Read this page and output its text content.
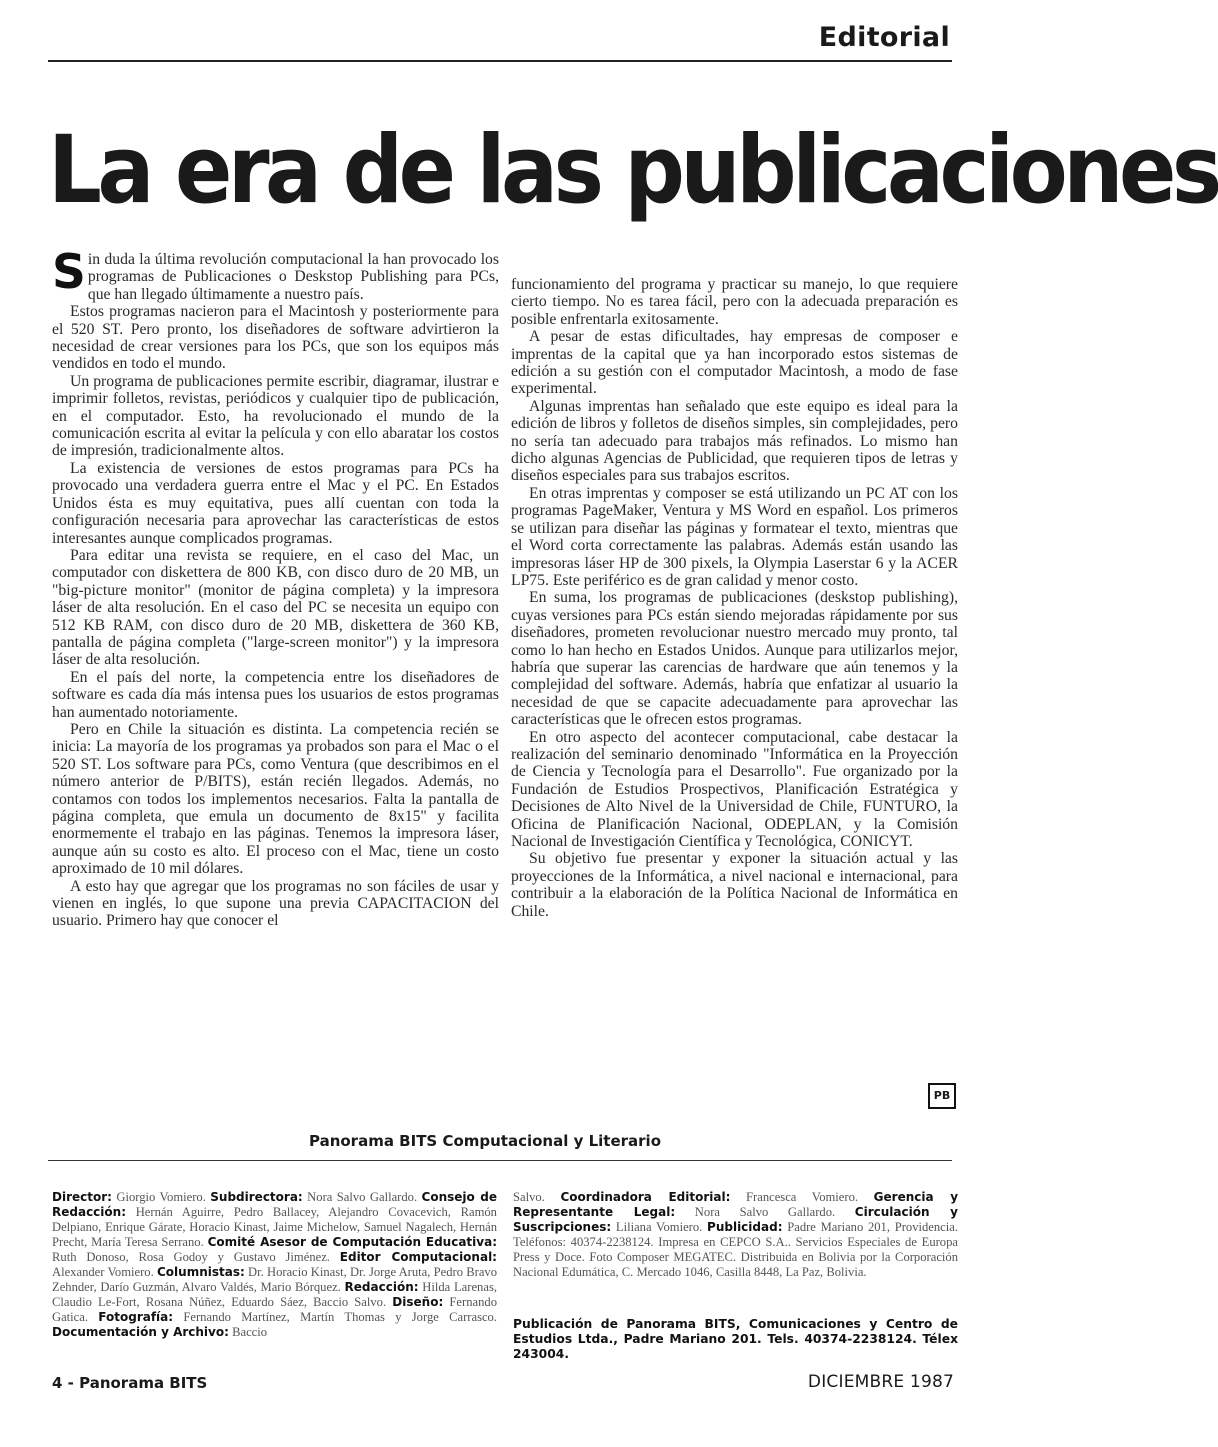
Editorial
La era de las publicaciones

Sin duda la última revolución computacional la han provocado los programas de Publicaciones o Deskstop Publishing para PCs, que han llegado últimamente a nuestro país.

Estos programas nacieron para el Macintosh y posteriormente para el 520 ST. Pero pronto, los diseñadores de software advirtieron la necesidad de crear versiones para los PCs, que son los equipos más vendidos en todo el mundo.

Un programa de publicaciones permite escribir, diagramar, ilustrar e imprimir folletos, revistas, periódicos y cualquier tipo de publicación, en el computador. Esto, ha revolucionado el mundo de la comunicación escrita al evitar la película y con ello abaratar los costos de impresión, tradicionalmente altos.

La existencia de versiones de estos programas para PCs ha provocado una verdadera guerra entre el Mac y el PC. En Estados Unidos ésta es muy equitativa, pues allí cuentan con toda la configuración necesaria para aprovechar las características de estos interesantes aunque complicados programas.

Para editar una revista se requiere, en el caso del Mac, un computador con diskettera de 800 KB, con disco duro de 20 MB, un "big-picture monitor" (monitor de página completa) y la impresora láser de alta resolución. En el caso del PC se necesita un equipo con 512 KB RAM, con disco duro de 20 MB, diskettera de 360 KB, pantalla de página completa ("large-screen monitor") y la impresora láser de alta resolución.

En el país del norte, la competencia entre los diseñadores de software es cada día más intensa pues los usuarios de estos programas han aumentado notoriamente.

Pero en Chile la situación es distinta. La competencia recién se inicia: La mayoría de los programas ya probados son para el Mac o el 520 ST. Los software para PCs, como Ventura (que describimos en el número anterior de P/BITS), están recién llegados. Además, no contamos con todos los implementos necesarios. Falta la pantalla de página completa, que emula un documento de 8x15" y facilita enormemente el trabajo en las páginas. Tenemos la impresora láser, aunque aún su costo es alto. El proceso con el Mac, tiene un costo aproximado de 10 mil dólares.

A esto hay que agregar que los programas no son fáciles de usar y vienen en inglés, lo que supone una previa CAPACITACION del usuario. Primero hay que conocer el

funcionamiento del programa y practicar su manejo, lo que requiere cierto tiempo. No es tarea fácil, pero con la adecuada preparación es posible enfrentarla exitosamente.

A pesar de estas dificultades, hay empresas de composer e imprentas de la capital que ya han incorporado estos sistemas de edición a su gestión con el computador Macintosh, a modo de fase experimental.

Algunas imprentas han señalado que este equipo es ideal para la edición de libros y folletos de diseños simples, sin complejidades, pero no sería tan adecuado para trabajos más refinados. Lo mismo han dicho algunas Agencias de Publicidad, que requieren tipos de letras y diseños especiales para sus trabajos escritos.

En otras imprentas y composer se está utilizando un PC AT con los programas PageMaker, Ventura y MS Word en español. Los primeros se utilizan para diseñar las páginas y formatear el texto, mientras que el Word corta correctamente las palabras. Además están usando las impresoras láser HP de 300 pixels, la Olympia Laserstar 6 y la ACER LP75. Este periférico es de gran calidad y menor costo.

En suma, los programas de publicaciones (deskstop publishing), cuyas versiones para PCs están siendo mejoradas rápidamente por sus diseñadores, prometen revolucionar nuestro mercado muy pronto, tal como lo han hecho en Estados Unidos. Aunque para utilizarlos mejor, habría que superar las carencias de hardware que aún tenemos y la complejidad del software. Además, habría que enfatizar al usuario la necesidad de que se capacite adecuadamente para aprovechar las características que le ofrecen estos programas.

En otro aspecto del acontecer computacional, cabe destacar la realización del seminario denominado "Informática en la Proyección de Ciencia y Tecnología para el Desarrollo". Fue organizado por la Fundación de Estudios Prospectivos, Planificación Estratégica y Decisiones de Alto Nivel de la Universidad de Chile, FUNTURO, la Oficina de Planificación Nacional, ODEPLAN, y la Comisión Nacional de Investigación Científica y Tecnológica, CONICYT.

Su objetivo fue presentar y exponer la situación actual y las proyecciones de la Informática, a nivel nacional e internacional, para contribuir a la elaboración de la Política Nacional de Informática en Chile.

PB
Panorama BITS Computacional y Literario
Director: Giorgio Vomiero. Subdirectora: Nora Salvo Gallardo. Consejo de Redacción: Hernán Aguirre, Pedro Ballacey, Alejandro Covacevich, Ramón Delpiano, Enrique Gárate, Horacio Kinast, Jaime Michelow, Samuel Nagalech, Hernán Precht, María Teresa Serrano. Comité Asesor de Computación Educativa: Ruth Donoso, Rosa Godoy y Gustavo Jiménez. Editor Computacional: Alexander Vomiero. Columnistas: Dr. Horacio Kinast, Dr. Jorge Aruta, Pedro Bravo Zehnder, Darío Guzmán, Alvaro Valdés, Mario Bórquez. Redacción: Hilda Larenas, Claudio Le-Fort, Rosana Núñez, Eduardo Sáez, Baccio Salvo. Diseño: Fernando Gatica. Fotografía: Fernando Martínez, Martín Thomas y Jorge Carrasco. Documentación y Archivo: Baccio
Salvo. Coordinadora Editorial: Francesca Vomiero. Gerencia y Representante Legal: Nora Salvo Gallardo. Circulación y Suscripciones: Liliana Vomiero. Publicidad: Padre Mariano 201, Providencia. Teléfonos: 40374-2238124. Impresa en CEPCO S.A.. Servicios Especiales de Europa Press y Doce. Foto Composer MEGATEC. Distribuida en Bolivia por la Corporación Nacional Edumática, C. Mercado 1046, Casilla 8448, La Paz, Bolivia.
Publicación de Panorama BITS, Comunicaciones y Centro de Estudios Ltda., Padre Mariano 201. Tels. 40374-2238124. Télex 243004.
4 - Panorama BITS	DICIEMBRE 1987
